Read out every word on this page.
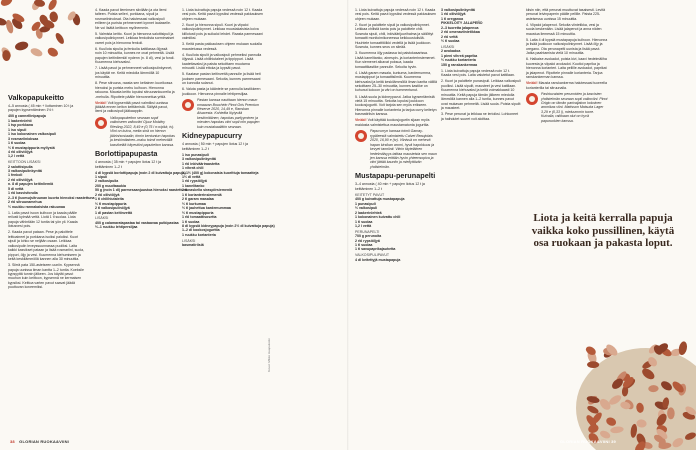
Valkopapukeitto
4–5 annosta ( 45 min + liottaminen 10 t ja papujen kypsentäminen 1½ t
400 g cannellinipapuja
1 laakerinlehti
1 tsp porkkana
1 iso sipuli
1 iso kokonainen valkosipuli
3 rosmariinioksaa
1 tl suolaa
½ tl mustapippuria myllystä
4 rkl oliiviöljyä
1,2 l vettä
KEITTOON LISÄKSI
2 salottisipulia
3 valkosipulinkynttä
1 fenkoli
2 rkl oliiviöljyä
n. 8 dl papujen keitinliemiä
5 dl vettä
1 rkl kasvisfondia
2–3 tl (luomu)sitruunan kuorta hienoksi raastettuna
2 rkl sitruunamehua
½ nuukku rannakaisista rakuunaa

1. Laita pavut isoon kulhoon ja kaada päälle reilusti kylmää vettä. Liotä 1 tl suolaa. Liota papuja vähintään 12 tuntia tai yön yli. Kaada liotusvesi pois.

2. Kaada pavut pataan. Pese ja paloittele leittoaineet ja porkkana isoiksi paloiksi. Kuori sipuli ja lohko se neljään osaan. Leikkaa valkosipulin leveyssuunnassa puoliksi. Laita kaikki kasvikset pataan ja lisää rosmariini, suola, pippuri, öljy ja vesi. Kuumenna kiehumiseen ja keitä keskilämmöllä kannen alla 30 minuuttia.

3. Siirrä pata 150-asteiseen uuniin. Kypsennä papuja uunissa ilman kantta 1–2 tuntia. Koeksile kypsyyttä tunnin jälkeen. Jos käytät pavut muuhun kuin keittoon, kypsennä ne kermaisen kypsiksi. Keittoa varten pavut saavat jäädä puuttuvan koveemiksi.

4. Kaada pavut lieminsen siivilään ja ota liemi talteen. Poista selleri, porkkana, sipuli ja rosmariininoksat. Ota halutessasi valkosipuli erilleen ja purista pehmenneet kynnet lautaselle. Ne voi lisätä keittoon myöhemmin.

5. Valmista keitto. Kuori ja hienonna salottisipuli ja valkosipulinkynnet. Leikkaa fenkolista sormimaiset varret pois ja hienonna fenkoli.

6. Kuullota sipulia ja fenkolia kattilassa öljyssä noin 10 minuuttia, kunnes ne ovat pehmeitä. Lisää papujen keitinliemiä/ nydenn (n. 8 dl), vesi ja fondi. Kuumenna kiehuvaksi.

7. Lisää pavut ja pehmenneet valkosipulinkynnet, jos käytät ne. Keitä miedolla lämmöllä 10 minuuttia.

8. Pese sitruuna, raasta sen keltainen kuorikossa hienoksi ja purista mehu kulhoon. Hienonna rakuuna. Mausta keitto lopuksi sitruunankuorella ja -mehulla. Ripottele päälle hienonnettua yrttiä.

Vinkki! Voit kypsentää pavut valmiiksi uunissa jääkää ennen keiton keittämistä. Säilytä pavut, liemi ja valkosipuli jääkaappiin.

Valkopapukeiton seuraan sopii valkoiseen valkoviini Ojuur Mobilny Riesling 2022, 8,49 e (0,75 l n:o/pikk, tv). Viini on kuiva, melta sinä on hienon jäärin/sosiaalin, tinnin kentuntun hapokas ja keskimitainen–maku toimii mehevällä kasvikeiltä häyestöni papukeiton kanssa.

Borlottipapupasta
4 annosta ( 35 min + papujen liotus 12 t ja keittäminen 1–2 t
4 dl kypsiä borlottipapuja (noin 2 dl kuivattuja papuja)
1 sipuli
2 valkosipulia
200 g nuudtaaukia
50 g (noin 1 dl) parmesaanjuustoa hienoksi raastettuna
2 rkl oliiviöljyä
1 tl chilihiutaleita
½ tl mustapippuria
2 tl valkosipulinöljyä
1 dl pastan keitinvettä
LISÄKSI
400 g calamaratapastaa tai vastaavaa putkipastaa
½–1 ruukku lehtipersiljaa

1. Liota kuivattuja papuja vedessä noin 12 t. Kaada vesi pois. Keitä pavut kypsiksi vedessä pakkauksen ohjeen mukaan.

2. Kuori ja hienonna sipuli. Kuori ja viipaloi valkosipulinkynnet. Leikkaa muustakaisista koiva kiillotusti pois ja suikaloi lehdet. Raasta parmesaani valmiiksi.

3. Keitä pasta pakkauksen ohjeen mukaan suolalla maustetussa vedessä.

4. Kuullota sipulit ja valkosipuli pehmeiksi pannulla öljyssä. Lisää chilihiutaleet ja tippippuri. Lisää kaatettavaksi ja paista sekoittaen muutama minuutti. Lisää ettoka ja kypsät pavut.

5. Kaatase pastan keitinvettä pannulle ja lisää heti juuksen parmesaani. Sekoita, kunnes parmesaani on kunnolla sulanut.

6. Valuta pasta ja kääntele se pannulla kastikkeen joukkoon. Hienonna pinnalle lehtipersiljaa.

Pastan kanssa nautitaan hienon maun omaavan Bouchéin Pinot Gris Premium Réserve 2020, 14,49 e, Ranskan Alsacesta. Kohteilta löytyvää keskimitäinen, hapokas parfyyminen ja mieuten hapokas viini sopii niin papujen kuin mustakaalitkin seuraan.

Kidneypapucurry
4 annosta ( 50 min + papujen liotus 12 t ja keittäminen 1–2 t
1 iso punasipuli
3 valkosipulinkynttä
1 rkl inkivääriraastetta
1 vihreä chili
1–1½ (400 g) kokonaisia kuorittuja tomaatteja
1½ dl vettä
1 rkl rypsiöljyä
1 kanelitanko
2 tl naskelia siraspiirsiemeniä
1 tl korianterinsiemeniä
2 tl garam masalaa
½ tl kurkumaa
½ tl jauhettua kardemummaa
½ tl mustapippuria
1 rkl tomaattisosetta
1 tl suolaa
8 dl kypsiä kidneypapuja (noin 2½ dl kuivattuja papuja)
1–2 dl kookosjogurttia
1 ruukku korianteria
LISÄKSI
basmatiriisiä
Kuvat: Mikko Haapakoski
38 GLORIAN RUOKA&VIINI

1. Liota kuivattuja papuja vedessä noin 12 t. Kaada vesi pois. Keitä pavut kypsiksi vedessä pakkauksen ohjeen mukaan.

2. Kuori ja paloittele sipuli ja valkosipulinkynnet. Leikkaa chilistä kanta pois ja paloittele chili. Soseuta sipuli, chili, inkiväärijuurihalma ja säilöttyt tomaatit monitoimikoneessa keikkuustulisliä. Huuhtele tomaattitölkki vedellä ja lisää joukkoon. Soseuta, kunnes seos on sileää.

3. Kuumenna öljy padassa tai paistokasarissa. Lisää kanelitanko, ainespin- ja korianterinsiemenet. Kun siemenet alkavat poksua, kaada tomaattikastike pannulle. Sekoita hyvin.

4. Lisää garam masala, kurkuma, kardemumma, mustapippuri ja tomaattisilmiä. Kuumenna kiehuvaksi ja keitä keskilämmöllä ilman kantta välillä sekoittaen 25–30 minuuttia, kunnes kastike on kuhunut kokoon ja väri on tummentunut.

5. Lisää suola ja kidneypavut. Jatka kypsentämistä vielä 15 minuuttia. Sekoita lopuksi joukkoon kookosjogurtti. Voit tarjota sen myös erikseen. Hienonna pinnalle korianteria ja tarjoa curry keitetyn basmatiriisin kanssa.

Vinkki! Voit käyttää kookosjogurtin sijaan myös maidosta valmistettua maustamatonta jogurttia.

Papucurryn kanssa toimii Gamay-rypäleestä valmistettu Calvet Beaujolais 2020, 16,90 e (tv). Viinissä on mehevä hapan kirsikan aromi, hyvä hapokkuus ja kevyet tanniinit. Viinin täyteläinen hedelmäisyys taittaa mausteista sen maun jen kanssa erittäin hyvin yhteensopiva ja viini jättää kauniin ja miellyttävän yhdistelmän.

Mustapapu-perunapelti
3–4 annosta ( 40 min + papujen liotus 12 t ja keittäminen 1–2 t
KEITETYT PAVUT
400 g kuivattuja mustapapuja
1 punasipuli
½ valkosipuli
2 laakerinlehteä
1 kokonainen kuivattu chili
1 tl suolaa
1,2 l vettä
PERUNAPELTI
700 g perunoita
2 rkl rypsiöljyä
1 tl suolaa
1 tl savupaprikajauhetta
VALKOSIPULIPAVUT
4 dl keitettyjä mustapapuja
3 valkosipulinkynttä
1 rkl oliiviöljyä
1 tl oreganoa
PIKKELÖITY JALAPEÑO
2–3 tuoretta jalapenoa
2 rkl omenaviinietikkaa
2 rkl vettä
½ tl suolaa
LISÄKSI
2 avokadoa
1 pieni vihreä paprika
½ ruukku korianteria
150 g ranskankermaa

1. Liota kuivattuja papuja vedessä noin 12 t. Kaada vesi pois. Laita valutetut pavut kattilaan.

2. Kuori ja paloittele punasipuli. Leikkaa valkosipuli puoliksi. Lisää sipulit, mausteet ja vesi kattilaan. Kuumenna kiehuvaksi ja keitä voimakkaasti 10 minuuttia. Keitä papuja tämän jälkeen miedolla lämmöllä kannen alla 1–2 tuntia, kunnes pavut ovat mukavan pehmeitä. Lisää suola. Poista sipulit ja mausteet.

3. Pese perunat ja leikkaa ne lerioiksi. Lohkoneet ja haihdutet suuret voit aloittaa.

kiisin niin, että perunat muuttuvat tasaisesti. Levitä perunat leivinpaperin päälle pellille. Paista 225-asteisessa uunissa 15 minuuttia.

4. Viipaloi jalapenot. Sekoita viinietikka, vesi ja suola keskenään. Lisää jalapenot ja anna niiden maustua liemessä 15 minuuttia.

5. Laita 4 dl kypsiä mustapapuja kulhoon. Hienonna ja lisää joukkoon valkosipulinkynnet. Lisää öljy ja oregano. Ota perunapelti uunista ja lisää pavut. Jatka paahtamista vielä 10 minuuttia.

6. Halkaise avokadot, poista kivi, kaavi hedelmäliha kuoresta ja viipaloi avokadot. Kuutioi paprika ja hienonna korianteri. Laita pellille avokadot, paprikat ja jalapenot. Ripottele pinnalle korianteria. Tarjoa ranskankerman kanssa.

Vinkki! Mausta ranskankerma halutessasi tuoreella korianterilla tai sitruunalla.

Pashtuvaisten perunoiden ja kasvisten yhdistelmän seuraan sopii valkoviini. Pinot Grigio on tämän parivaljakon kokoinen aromikas viini. Mattsson Matsuka Lager 3,29 e (0,33 l), mieluummin tuore. Kuivalla, raikkaan olut on hyvä papuruokien kanssa.

Liota ja keitä kerralla papuja vaikka koko pussillinen, käytä osa ruokaan ja pakasta loput.
GLORIAN RUOKA&VIINI 39
